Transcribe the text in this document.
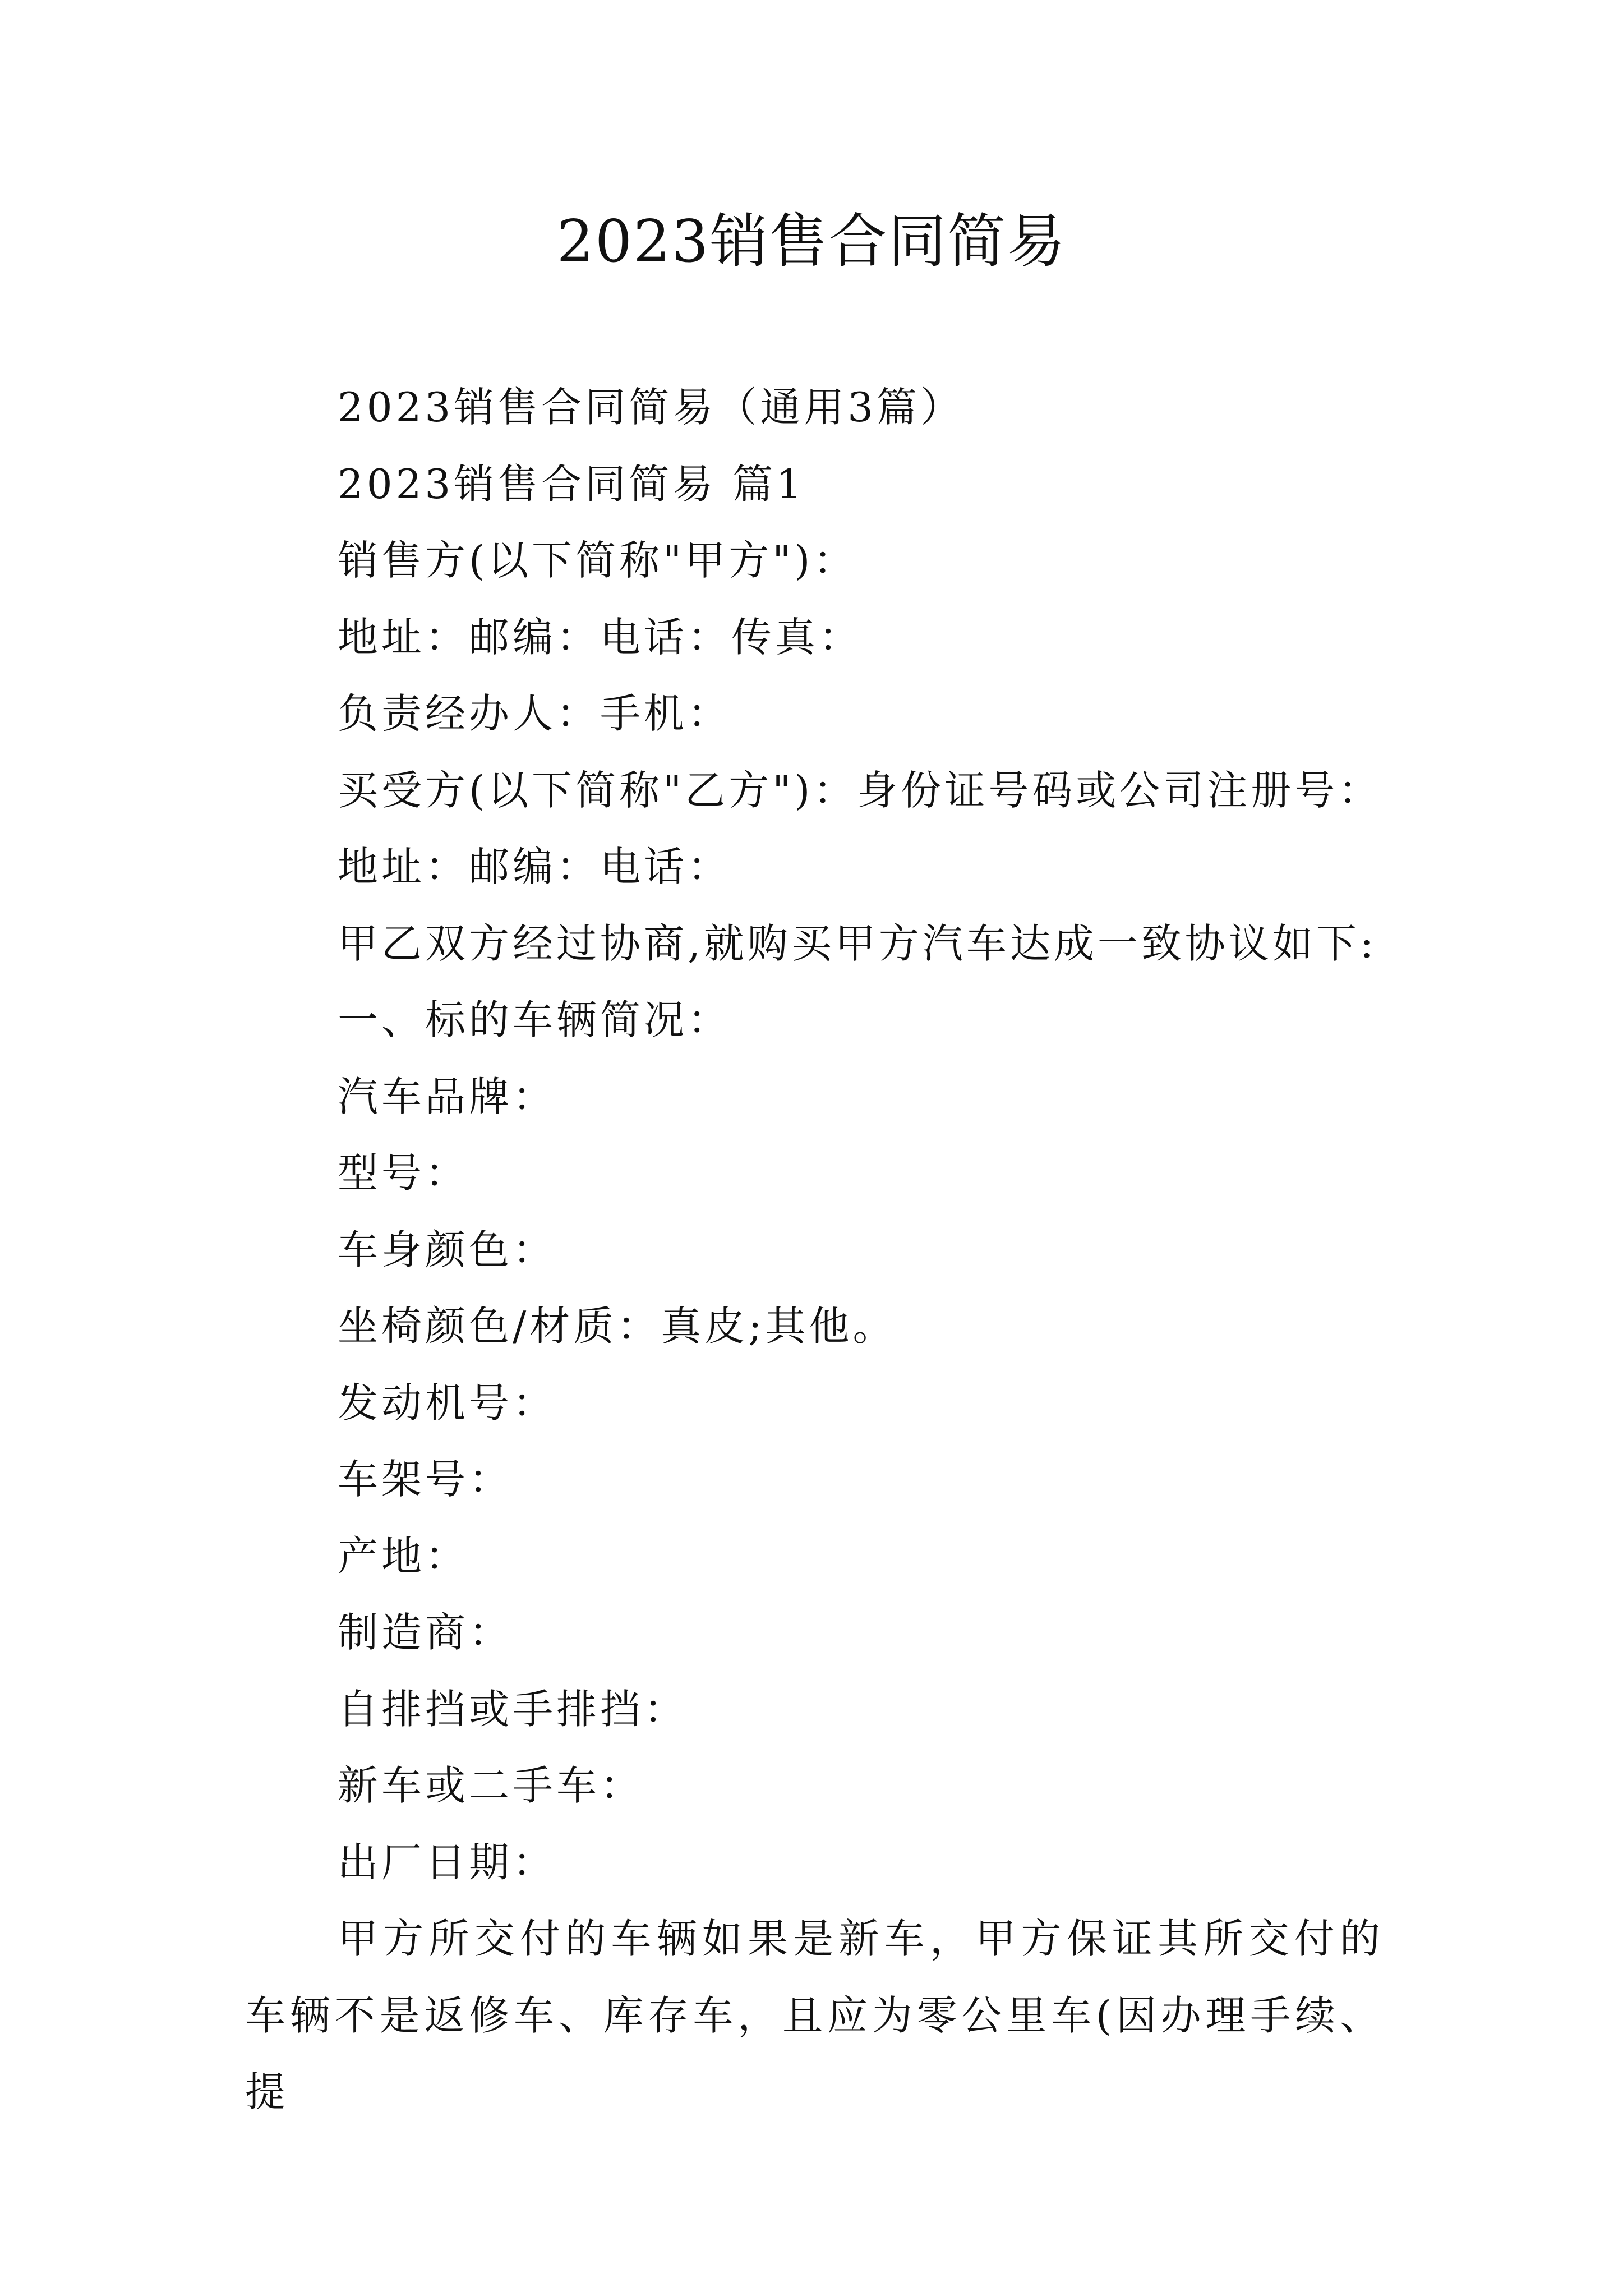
2023销售合同简易

2023销售合同简易（通用3篇）

2023销售合同简易 篇1

销售方(以下简称"甲方")：

地址：邮编：电话：传真：

负责经办人：手机：

买受方(以下简称"乙方")：身份证号码或公司注册号：

地址：邮编：电话：

甲乙双方经过协商,就购买甲方汽车达成一致协议如下:

一、标的车辆简况：

汽车品牌：

型号：

车身颜色：

坐椅颜色/材质：真皮;其他。

发动机号：

车架号：

产地：

制造商：

自排挡或手排挡：

新车或二手车：

出厂日期：

甲方所交付的车辆如果是新车，甲方保证其所交付的车辆不是返修车、库存车，且应为零公里车(因办理手续、提
